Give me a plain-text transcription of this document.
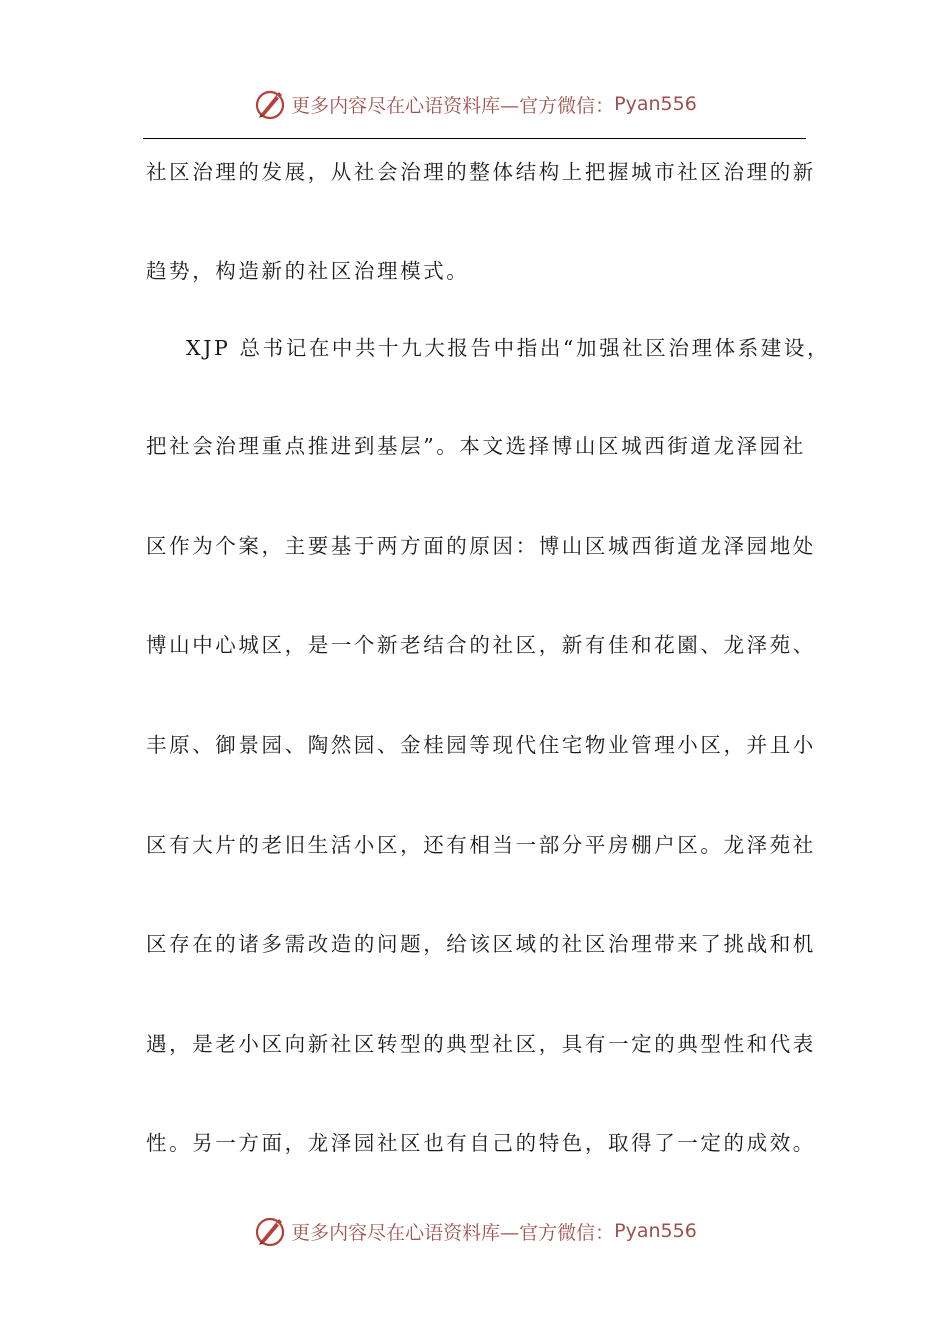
更多内容尽在心语资料库—官方微信： Pyan556
社区治理的发展，从社会治理的整体结构上把握城市社区治理的新
趋势，构造新的社区治理模式。
XJP 总书记在中共十九大报告中指出“加强社区治理体系建设，
把社会治理重点推进到基层”。本文选择博山区城西街道龙泽园社
区作为个案，主要基于两方面的原因：博山区城西街道龙泽园地处
博山中心城区，是一个新老结合的社区，新有佳和花園、龙泽苑、
丰原、御景园、陶然园、金桂园等现代住宅物业管理小区，并且小
区有大片的老旧生活小区，还有相当一部分平房棚户区。龙泽苑社
区存在的诸多需改造的问题，给该区域的社区治理带来了挑战和机
遇，是老小区向新社区转型的典型社区，具有一定的典型性和代表
性。另一方面，龙泽园社区也有自己的特色，取得了一定的成效。
更多内容尽在心语资料库—官方微信： Pyan556
